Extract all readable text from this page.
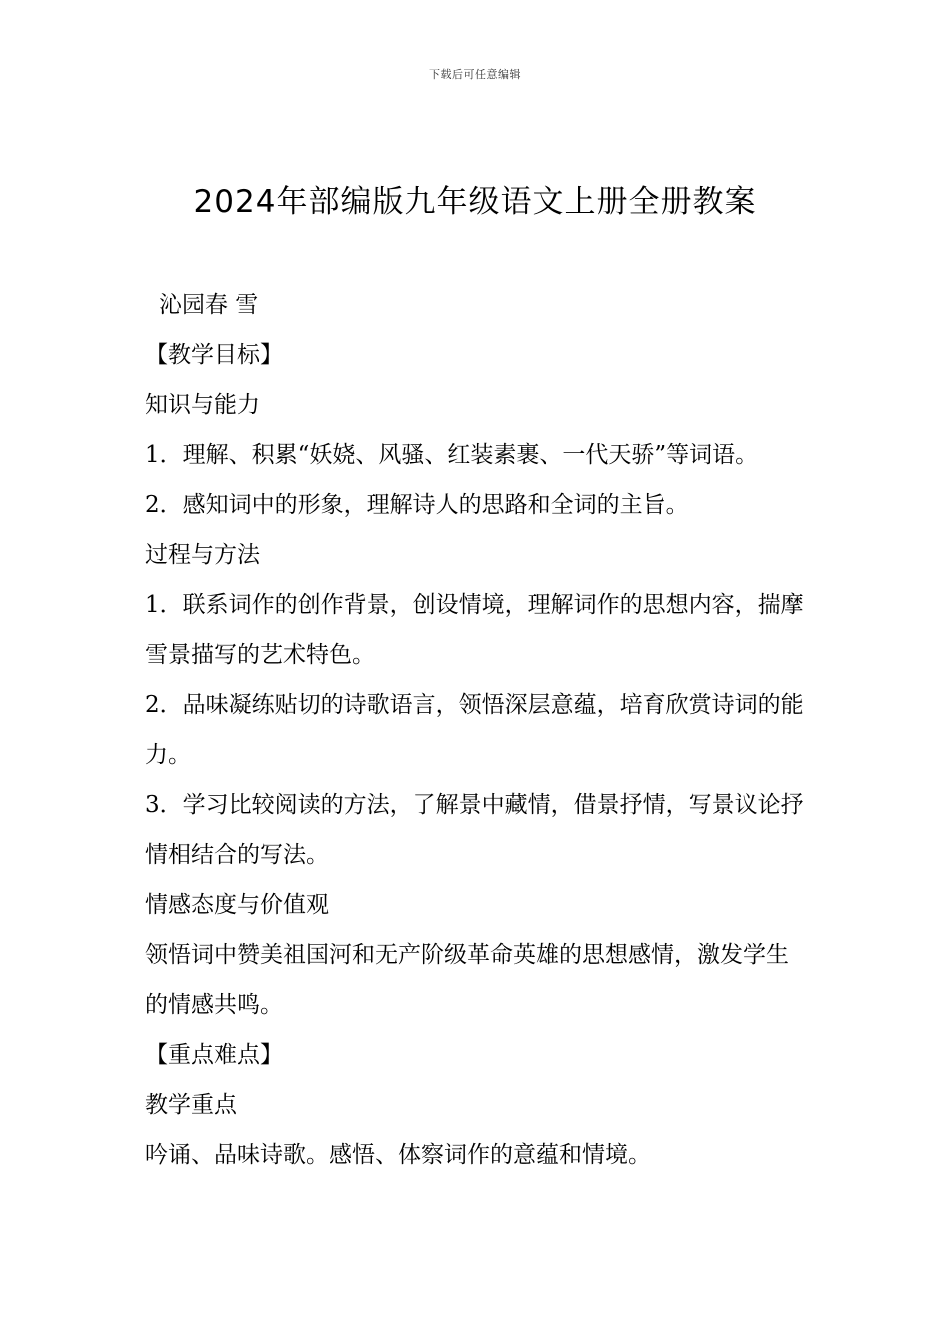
下载后可任意编辑
2024年部编版九年级语文上册全册教案

沁园春 雪

【教学目标】

知识与能力

1．理解、积累“妖娆、风骚、红装素裹、一代天骄”等词语。

2．感知词中的形象，理解诗人的思路和全词的主旨。

过程与方法

1．联系词作的创作背景，创设情境，理解词作的思想内容，揣摩雪景描写的艺术特色。

2．品味凝练贴切的诗歌语言，领悟深层意蕴，培育欣赏诗词的能力。

3．学习比较阅读的方法，了解景中藏情，借景抒情，写景议论抒情相结合的写法。

情感态度与价值观

领悟词中赞美祖国河和无产阶级革命英雄的思想感情，激发学生的情感共鸣。

【重点难点】

教学重点

吟诵、品味诗歌。感悟、体察词作的意蕴和情境。
